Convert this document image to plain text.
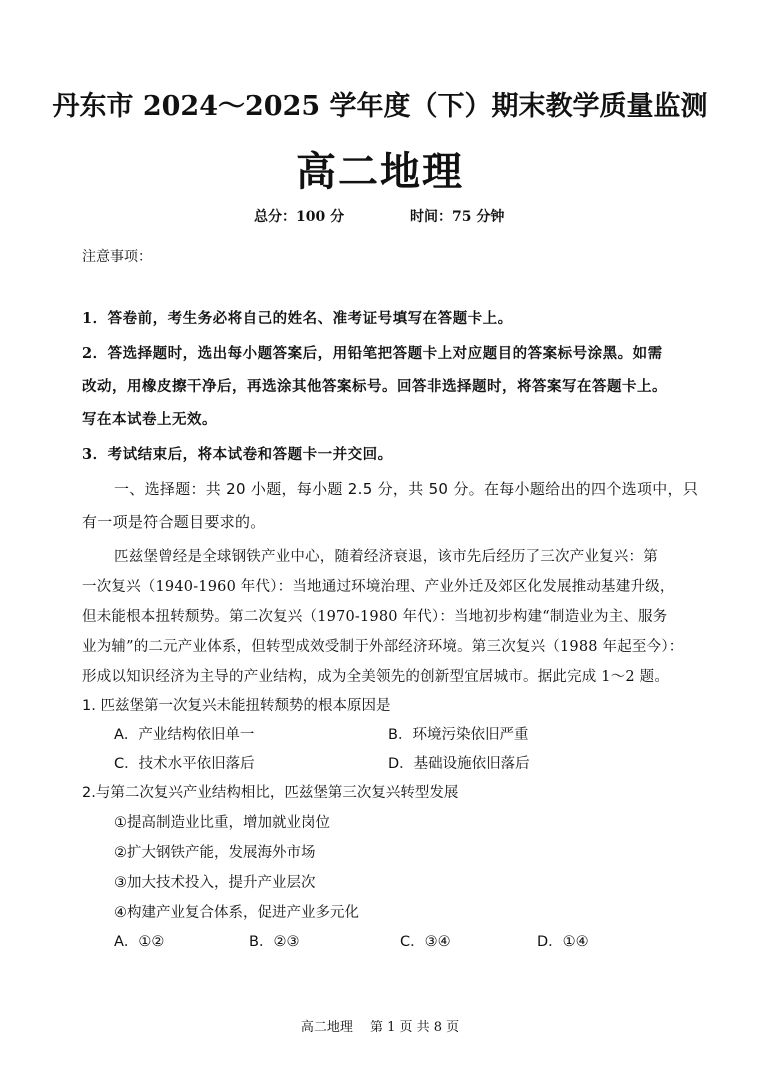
丹东市 2024～2025 学年度（下）期末教学质量监测
高二地理
总分：100 分	时间：75 分钟
注意事项：
1．答卷前，考生务必将自己的姓名、准考证号填写在答题卡上。
2．答选择题时，选出每小题答案后，用铅笔把答题卡上对应题目的答案标号涂黑。如需
改动，用橡皮擦干净后，再选涂其他答案标号。回答非选择题时，将答案写在答题卡上。
写在本试卷上无效。
3．考试结束后，将本试卷和答题卡一并交回。
一、选择题：共 20 小题，每小题 2.5 分，共 50 分。在每小题给出的四个选项中，只
有一项是符合题目要求的。
匹兹堡曾经是全球钢铁产业中心，随着经济衰退，该市先后经历了三次产业复兴：第
一次复兴（1940-1960 年代）：当地通过环境治理、产业外迁及郊区化发展推动基建升级，
但未能根本扭转颓势。第二次复兴（1970-1980 年代）：当地初步构建“制造业为主、服务
业为辅”的二元产业体系，但转型成效受制于外部经济环境。第三次复兴（1988 年起至今）：
形成以知识经济为主导的产业结构，成为全美领先的创新型宜居城市。据此完成 1～2 题。
1. 匹兹堡第一次复兴未能扭转颓势的根本原因是
A．产业结构依旧单一	B．环境污染依旧严重
C．技术水平依旧落后	D．基础设施依旧落后
2.与第二次复兴产业结构相比，匹兹堡第三次复兴转型发展
①提高制造业比重，增加就业岗位
②扩大钢铁产能，发展海外市场
③加大技术投入，提升产业层次
④构建产业复合体系，促进产业多元化
A．①②	B．②③	C．③④	D．①④
高二地理　 第 1 页 共 8 页
